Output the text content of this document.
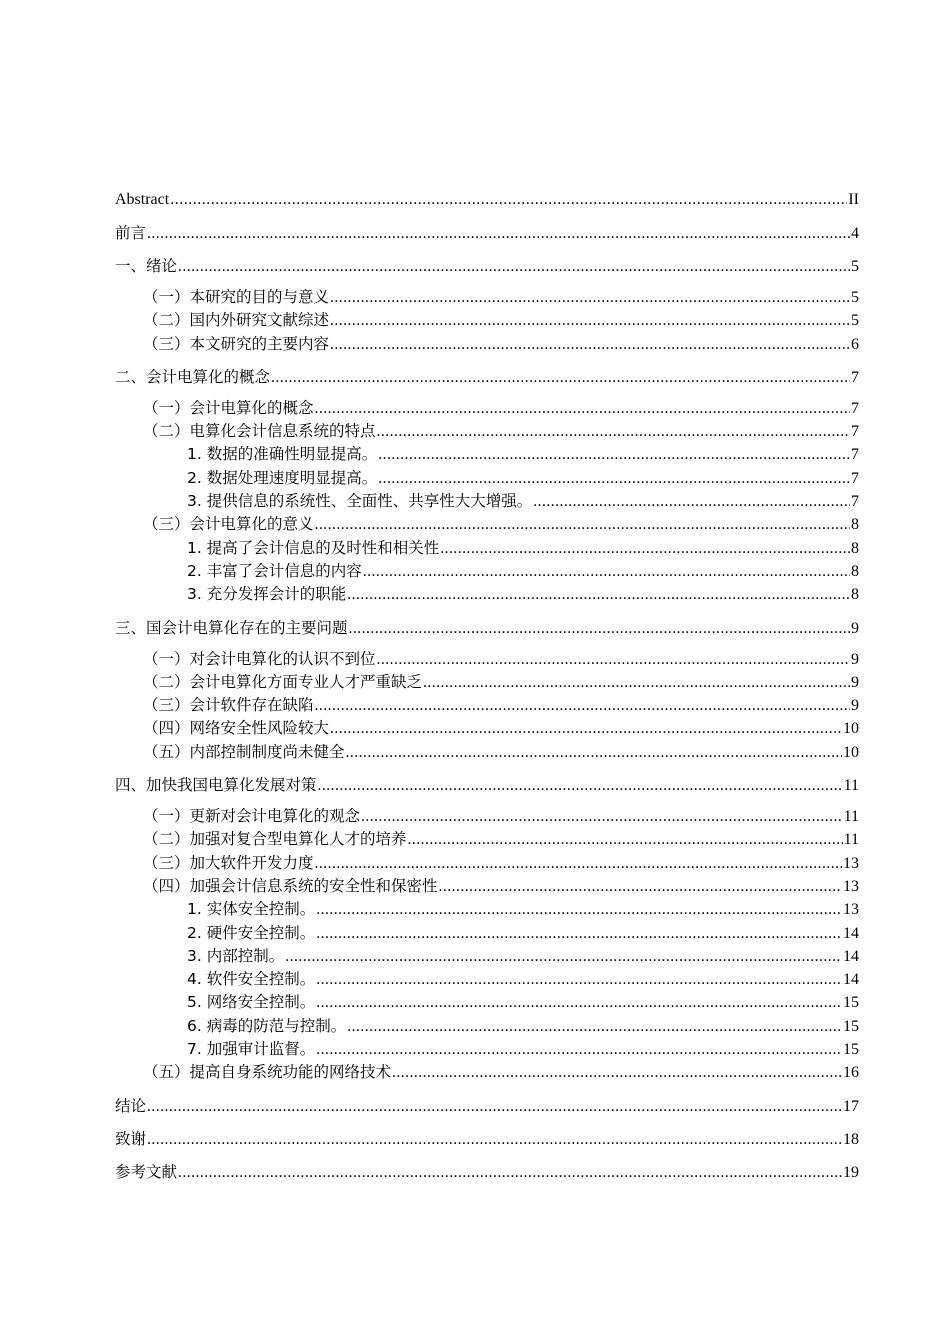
Abstract .....	II
前言 .....	4
一、绪论 .....	5
（一）本研究的目的与意义 .....	5
（二）国内外研究文献综述 .....	5
（三）本文研究的主要内容 .....	6
二、会计电算化的概念 .....	7
（一）会计电算化的概念 .....	7
（二）电算化会计信息系统的特点 .....	7
1. 数据的准确性明显提高。 .....	7
2. 数据处理速度明显提高。 .....	7
3. 提供信息的系统性、全面性、共享性大大增强。 .....	7
（三）会计电算化的意义 .....	8
1. 提高了会计信息的及时性和相关性 .....	8
2. 丰富了会计信息的内容 .....	8
3. 充分发挥会计的职能 .....	8
三、国会计电算化存在的主要问题 .....	9
（一）对会计电算化的认识不到位 .....	9
（二）会计电算化方面专业人才严重缺乏 .....	9
（三）会计软件存在缺陷 .....	9
（四）网络安全性风险较大 .....	10
（五）内部控制制度尚未健全 .....	10
四、加快我国电算化发展对策 .....	11
（一）更新对会计电算化的观念 .....	11
（二）加强对复合型电算化人才的培养 .....	11
（三）加大软件开发力度 .....	13
（四）加强会计信息系统的安全性和保密性 .....	13
1. 实体安全控制。 .....	13
2. 硬件安全控制。 .....	14
3. 内部控制。 .....	14
4. 软件安全控制。 .....	14
5. 网络安全控制。 .....	15
6. 病毒的防范与控制。 .....	15
7. 加强审计监督。 .....	15
（五）提高自身系统功能的网络技术 .....	16
结论 .....	17
致谢 .....	18
参考文献 .....	19
